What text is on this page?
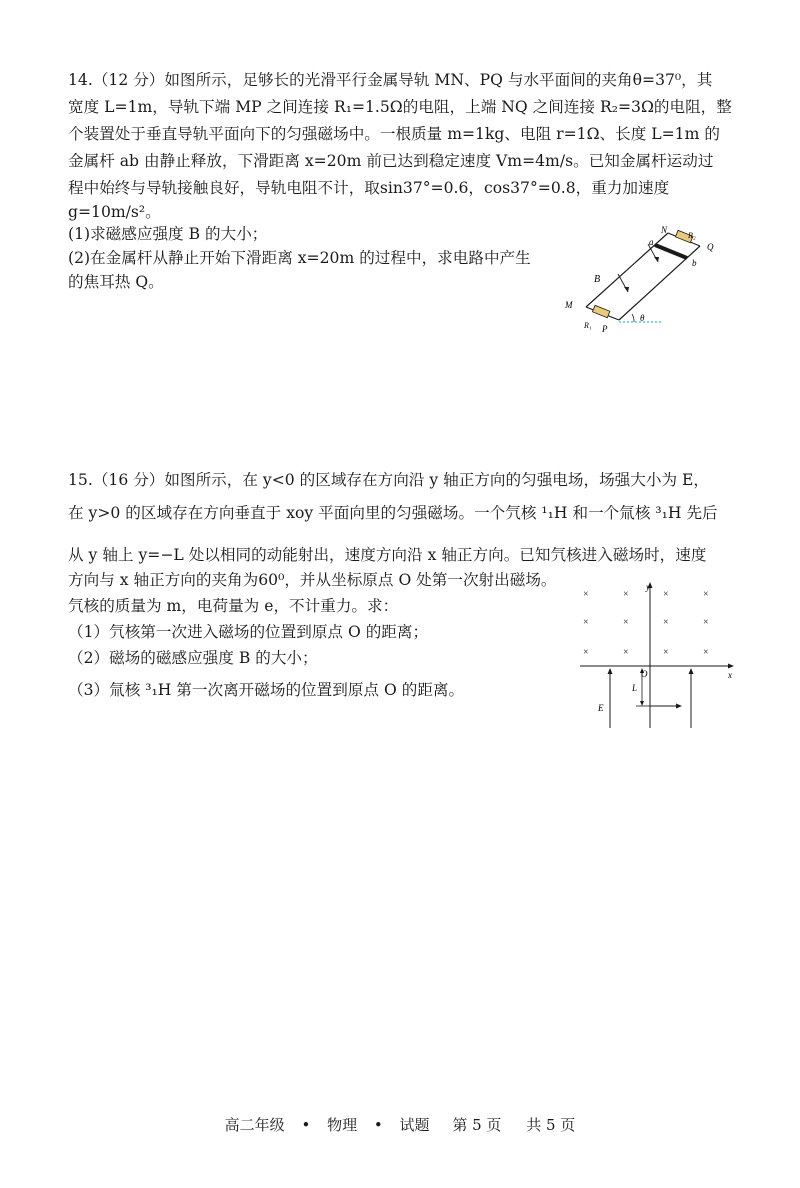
14.（12 分）如图所示，足够长的光滑平行金属导轨 MN、PQ 与水平面间的夹角θ=37⁰，其
宽度 L=1m，导轨下端 MP 之间连接 R₁=1.5Ω的电阻，上端 NQ 之间连接 R₂=3Ω的电阻，整
个装置处于垂直导轨平面向下的匀强磁场中。一根质量 m=1kg、电阻 r=1Ω、长度 L=1m 的
金属杆 ab 由静止释放，下滑距离 x=20m 前已达到稳定速度 Vm=4m/s。已知金属杆运动过
程中始终与导轨接触良好，导轨电阻不计，取sin37°=0.6，cos37°=0.8，重力加速度
g=10m/s²。
(1)求磁感应强度 B 的大小；
(2)在金属杆从静止开始下滑距离 x=20m 的过程中，求电路中产生
的焦耳热 Q。
N
a
R₂
Q
b
B
M
R₁ P
θ
15.（16 分）如图所示，在 y<0 的区域存在方向沿 y 轴正方向的匀强电场，场强大小为 E，
在 y>0 的区域存在方向垂直于 xoy 平面向里的匀强磁场。一个氕核 ¹₁H 和一个氚核 ³₁H 先后
从 y 轴上 y=−L 处以相同的动能射出，速度方向沿 x 轴正方向。已知氕核进入磁场时，速度
方向与 x 轴正方向的夹角为60⁰，并从坐标原点 O 处第一次射出磁场。
氕核的质量为 m，电荷量为 e，不计重力。求：
（1）氕核第一次进入磁场的位置到原点 O 的距离；
（2）磁场的磁感应强度 B 的大小；
（3）氚核 ³₁H 第一次离开磁场的位置到原点 O 的距离。
×	×	×	×
×	×	×	×
×	×	×	×
y
x
O
L
E
高二年级 • 物理 • 试题 第 5 页 共 5 页
